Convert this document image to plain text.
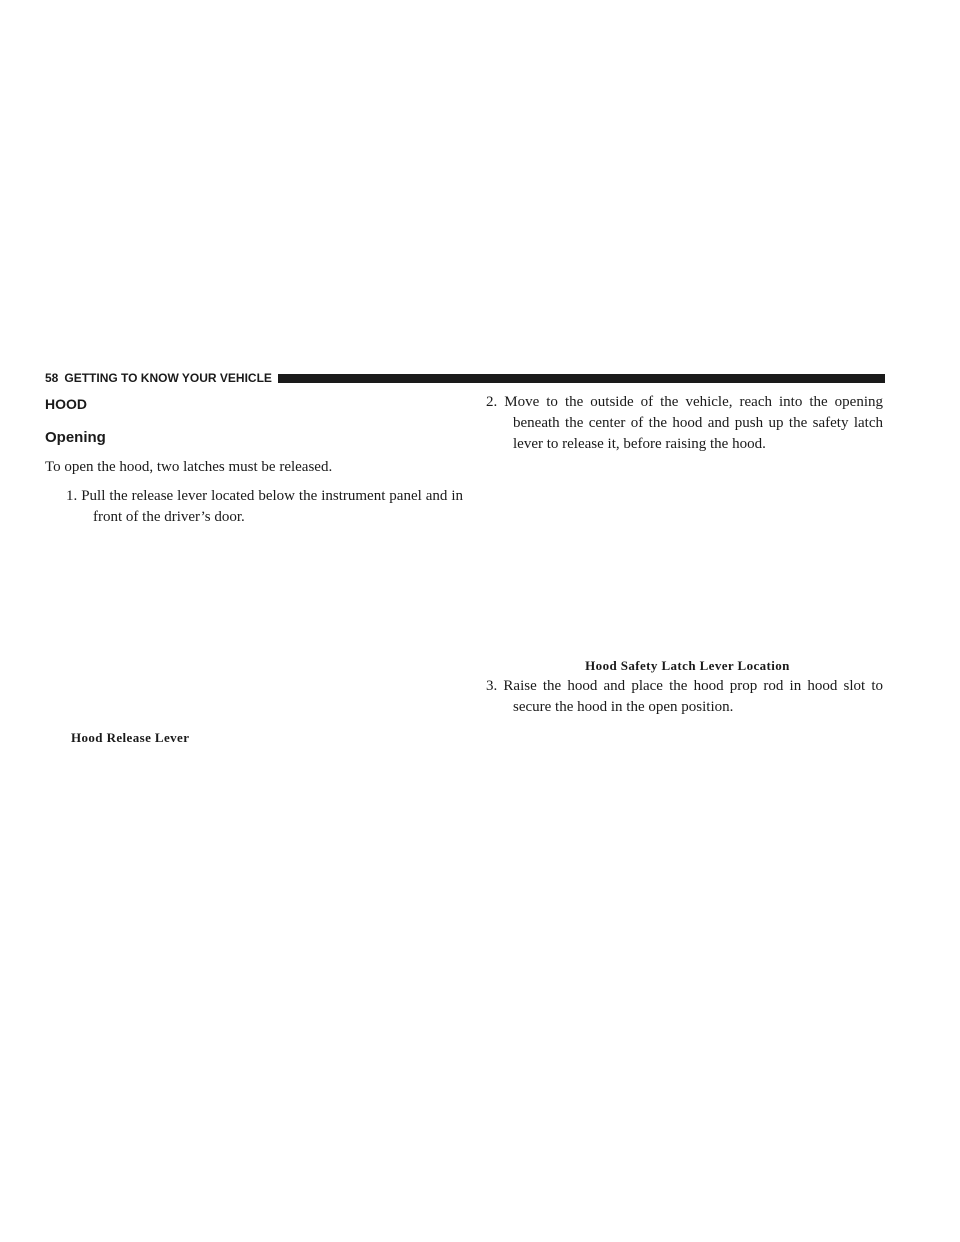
58 GETTING TO KNOW YOUR VEHICLE
HOOD
Opening

To open the hood, two latches must be released.

1. Pull the release lever located below the instrument panel and in front of the driver’s door.

Hood Release Lever

2. Move to the outside of the vehicle, reach into the opening beneath the center of the hood and push up the safety latch lever to release it, before raising the hood.

Hood Safety Latch Lever Location

3. Raise the hood and place the hood prop rod in hood slot to secure the hood in the open position.
